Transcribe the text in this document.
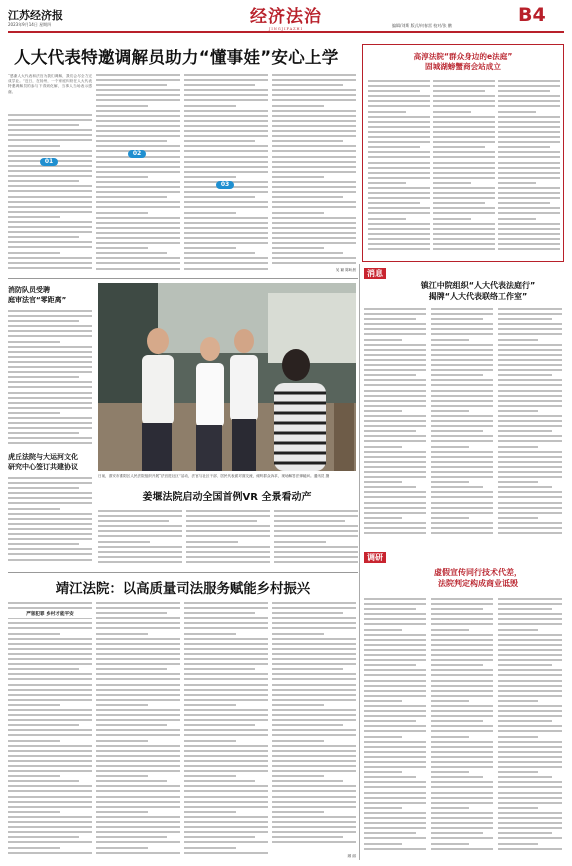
江苏经济报
2023年9月14日 星期四	经济法治
JINGJIFAZHI
B4
编辑/刘斯 版式/何春雷 校对/张 鹏
人大代表特邀调解员助力“懂事娃”安心上学
“感谢人大代表和法官为我们调解，我们会尽全力完成学业。”近日，在扬州，一个家庭纠纷在人大代表特邀调解员的参与下得到化解，当事人当场表示感谢。
01
02
03
吴 颖 陈昕晨
高淳法院“群众身边的e法庭”
固城湖螃蟹商会站成立
消防队员受聘
庭审法官“零距离”
虎丘法院与大运河文化
研究中心签订共建协议
日前，淮安市淮阴区人民法院组织开展“法官进社区”活动，法官与社区干部、居民代表面对面交流，倾听群众诉求，现场解答法律疑问。通讯员 摄
姜堰法院启动全国首例VR 全景看动产
消息
镇江中院组织“人大代表法庭行”
揭牌“人大代表联络工作室”
靖江法院：以高质量司法服务赋能乡村振兴
严惩犯罪 乡村才能平安
顾 丽
调研
虚假宣传同行技术代差，
法院判定构成商业诋毁
